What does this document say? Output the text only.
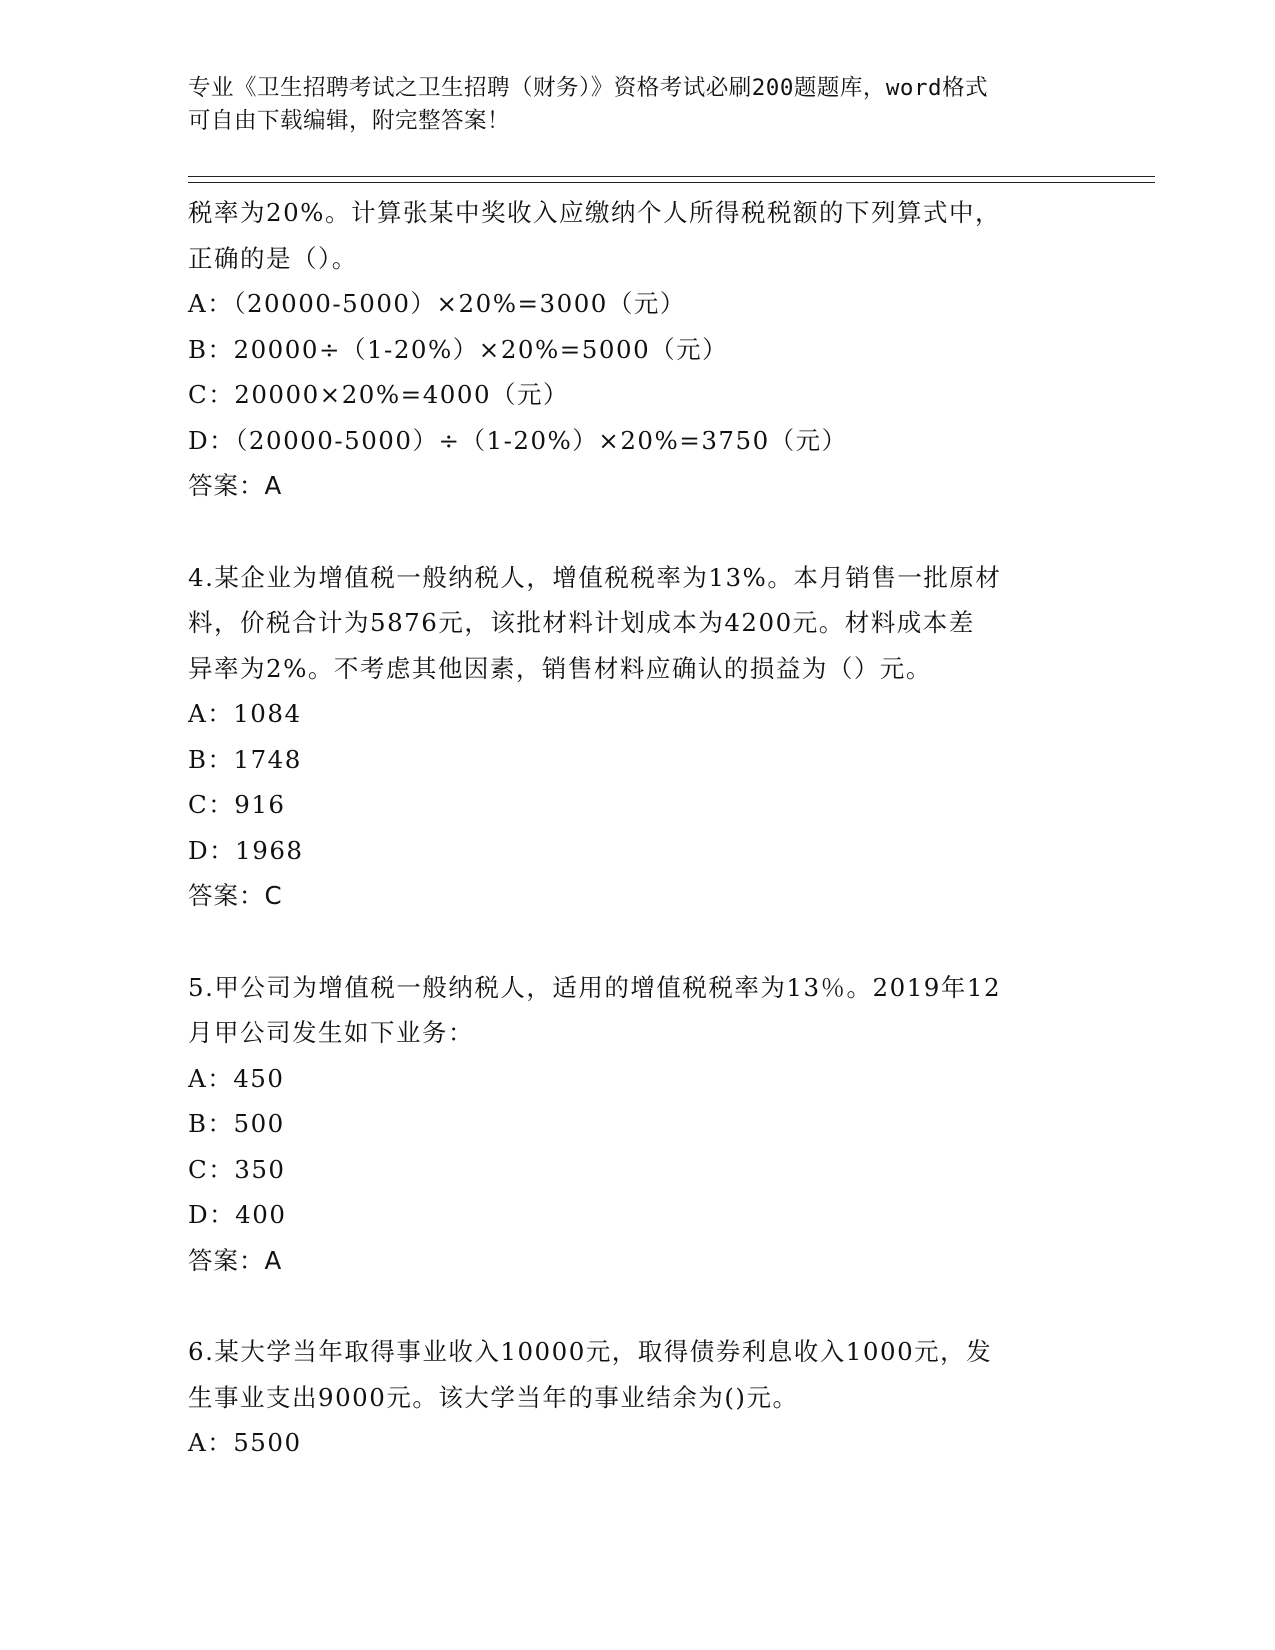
专业《卫生招聘考试之卫生招聘（财务）》资格考试必刷200题题库，word格式
可自由下载编辑，附完整答案！
税率为20%。计算张某中奖收入应缴纳个人所得税税额的下列算式中，
正确的是（）。
A：（20000-5000）×20%=3000（元）
B：20000÷（1-20%）×20%=5000（元）
C：20000×20%=4000（元）
D：（20000-5000）÷（1-20%）×20%=3750（元）
答案：A
4.某企业为增值税一般纳税人，增值税税率为13%。本月销售一批原材
料，价税合计为5876元，该批材料计划成本为4200元。材料成本差
异率为2%。不考虑其他因素，销售材料应确认的损益为（）元。
A：1084
B：1748
C：916
D：1968
答案：C
5.甲公司为增值税一般纳税人，适用的增值税税率为13％。2019年12
月甲公司发生如下业务：
A：450
B：500
C：350
D：400
答案：A
6.某大学当年取得事业收入10000元，取得债券利息收入1000元，发
生事业支出9000元。该大学当年的事业结余为()元。
A：5500
